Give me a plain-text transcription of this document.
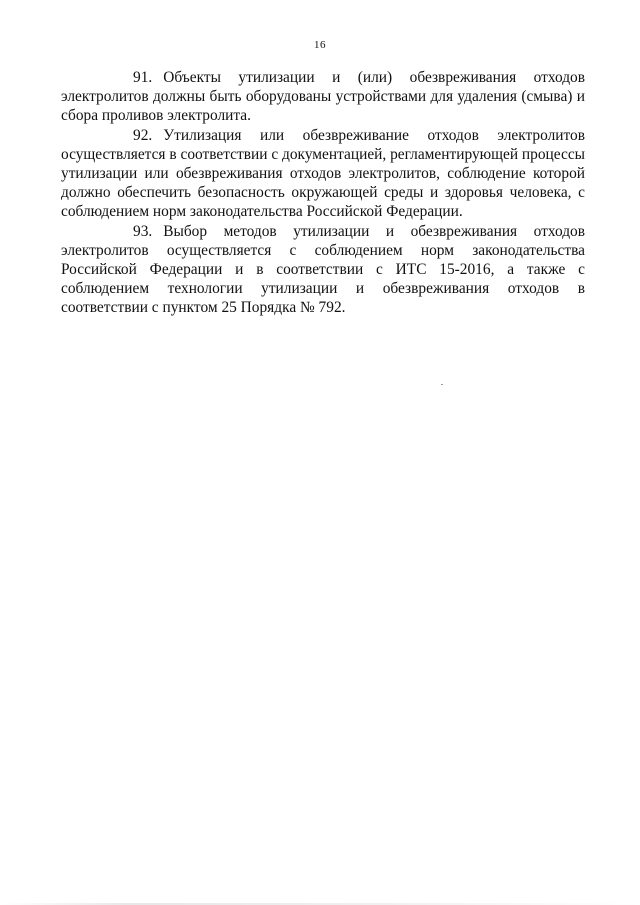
16

91. Объекты утилизации и (или) обезвреживания отходов электролитов должны быть оборудованы устройствами для удаления (смыва) и сбора проливов электролита.

92. Утилизация или обезвреживание отходов электролитов осуществляется в соответствии с документацией, регламентирующей процессы утилизации или обезвреживания отходов электролитов, соблюдение которой должно обеспечить безопасность окружающей среды и здоровья человека, с соблюдением норм законодательства Российской Федерации.

93. Выбор методов утилизации и обезвреживания отходов электролитов осуществляется с соблюдением норм законодательства Российской Федерации и в соответствии с ИТС 15-2016, а также с соблюдением технологии утилизации и обезвреживания отходов в соответствии с пунктом 25 Порядка № 792.
